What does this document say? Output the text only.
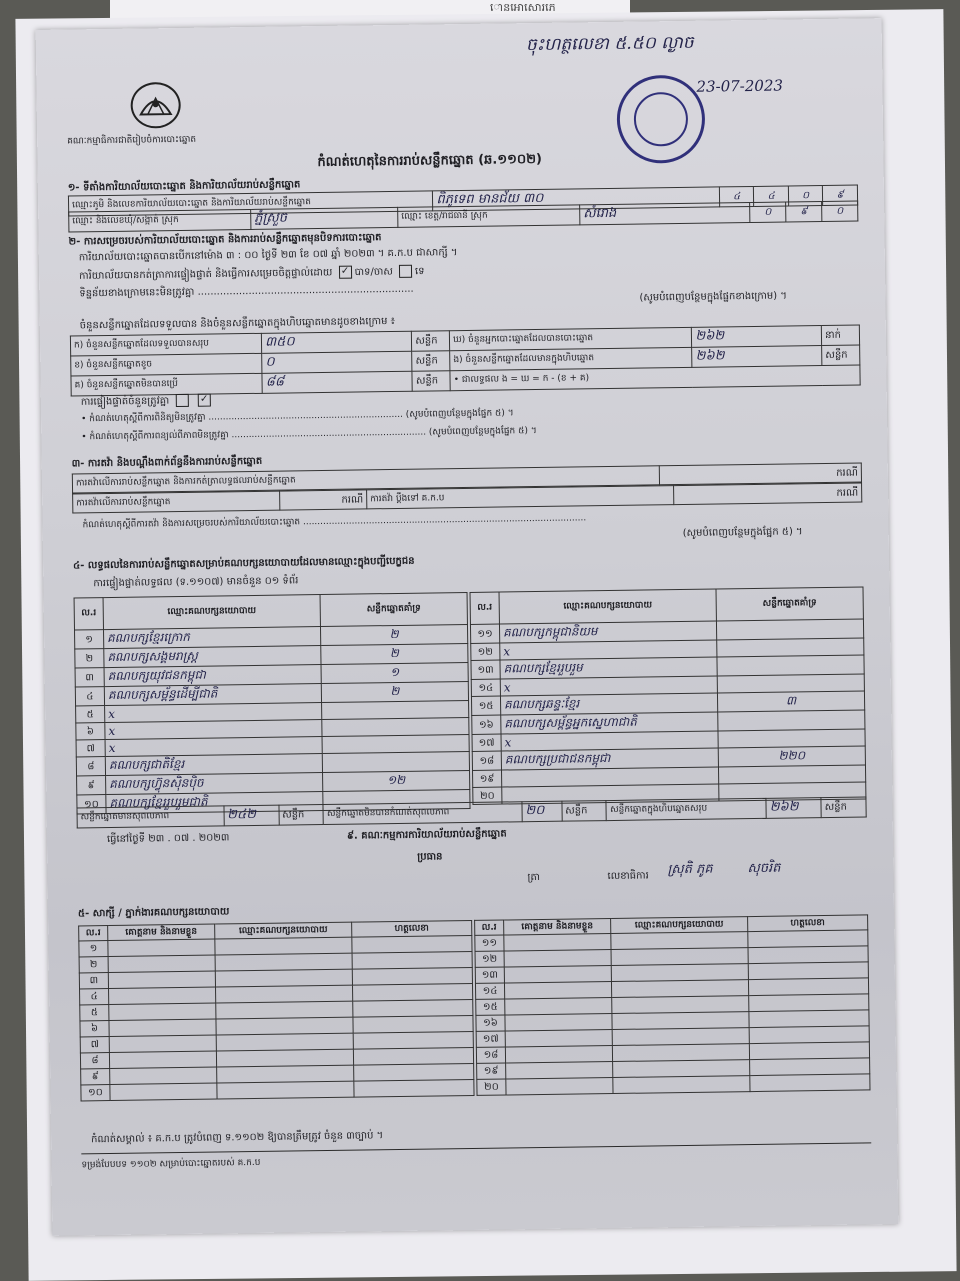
ោនអោសោរភេ
គណៈកម្មាធិការជាតិរៀបចំការបោះឆ្នោត
ចុះហត្ថលេខា ៥.៥០ ល្ងាច
23-07-2023
កំណត់ហេតុនៃការរាប់សន្លឹកឆ្នោត (ឆ.១១០២)
១- ទីតាំងការិយាល័យបោះឆ្នោត និងការិយាល័យរាប់សន្លឹកឆ្នោត
ឈ្មោះភូមិ និងលេខការិយាល័យបោះឆ្នោត និងការិយាល័យរាប់សន្លឹកឆ្នោត	ពិភូទេព មានជ័យ ៣០	៤	៤	០	៩
ឈ្មោះ និងលេខឃុំ/សង្កាត់ ស្រុក	ភ្នំស្រួច	ឈ្មោះ ខេត្ត/រាជធានី ស្រុក	សំរោង	០	៩	០
២- ការសម្រេចរបស់ការិយាល័យបោះឆ្នោត និងការរាប់សន្លឹកឆ្នោតមុនបិទការបោះឆ្នោត
ការិយាល័យបោះឆ្នោតបានបើកនៅម៉ោង ៣ : ០០ ថ្ងៃទី ២៣ ខែ ០៧ ឆ្នាំ ២០២៣ ។ គ.ក.ប ជាសាក្សី ។
ការិយាល័យបានកត់ត្រាការផ្ទៀងផ្ទាត់ និងធ្វើការសម្រេចចិត្តផ្ទាល់ដោយ ✓ បាទ/ចាស ទេ
ទិន្នន័យខាងក្រោមនេះមិនត្រូវគ្នា ....................................................................	(សូមបំពេញបន្ថែមក្នុងផ្នែកខាងក្រោម) ។
ចំនួនសន្លឹកឆ្នោតដែលទទួលបាន និងចំនួនសន្លឹកឆ្នោតក្នុងហិបឆ្នោតមានដូចខាងក្រោម ៖
ក) ចំនួនសន្លឹកឆ្នោតដែលទទួលបានសរុប	៣៥០	សន្លឹក	ឃ) ចំនួនអ្នកបោះឆ្នោតដែលបានបោះឆ្នោត	២៦២	នាក់
ខ) ចំនួនសន្លឹកឆ្នោតខូច	០	សន្លឹក	ង) ចំនួនសន្លឹកឆ្នោតដែលមានក្នុងហិបឆ្នោត	២៦២	សន្លឹក
គ) ចំនួនសន្លឹកឆ្នោតមិនបានប្រើ	៨៨	សន្លឹក	• ជាលទ្ធផល ង = ឃ = ក - (ខ + គ)		
ការផ្ទៀងផ្ទាត់ចំនួនត្រូវគ្នា	✓
• កំណត់ហេតុស្ដីពីការពិនិត្យមិនត្រូវគ្នា .................................................................... (សូមបំពេញបន្ថែមក្នុងផ្នែក ៥) ។
• កំណត់ហេតុស្ដីពីការពន្យល់ពីភាពមិនត្រូវគ្នា .................................................................... (សូមបំពេញបន្ថែមក្នុងផ្នែក ៥) ។
៣- ការតវ៉ា និងបណ្ដឹងពាក់ព័ន្ធនឹងការរាប់សន្លឹកឆ្នោត
ការតវ៉ាលើការរាប់សន្លឹកឆ្នោត និងការកត់ត្រាលទ្ធផលរាប់សន្លឹកឆ្នោត	ករណី
ការតវ៉ាលើការរាប់សន្លឹកឆ្នោត	ករណី	ការតវ៉ា ប្តឹងទៅ គ.ក.ប	ករណី
កំណត់ហេតុស្ដីពីការតវ៉ា និងការសម្រេចរបស់ការិយាល័យបោះឆ្នោត ...................................................................................................
(សូមបំពេញបន្ថែមក្នុងផ្នែក ៥) ។
៤- លទ្ធផលនៃការរាប់សន្លឹកឆ្នោតសម្រាប់គណបក្សនយោបាយដែលមានឈ្មោះក្នុងបញ្ជីបេក្ខជន
ការផ្ទៀងផ្ទាត់លទ្ធផល (ទ.១១០៧) មានចំនួន ០១ ទំព័រ
ល.រ	ឈ្មោះគណបក្សនយោបាយ	សន្លឹកឆ្នោតគាំទ្រ
១	គណបក្សខ្មែរក្រោក	២
២	គណបក្សសង្គមរាស្ត្រ	២
៣	គណបក្សយុវជនកម្ពុជា	១
៤	គណបក្សសម្ព័ន្ធដើម្បីជាតិ	២
៥	x	
៦	x	
៧	x	
៨	គណបក្សជាតិខ្មែរ	
៩	គណបក្សហ៊្វុនស៊ិនប៉ិច	១២
១០	គណបក្សខ្មែររួបរួមជាតិ	
ល.រ	ឈ្មោះគណបក្សនយោបាយ	សន្លឹកឆ្នោតគាំទ្រ
១១	គណបក្សកម្ពុជានិយម	
១២	x	
១៣	គណបក្សខ្មែររួបរួម	
១៤	x	
១៥	គណបក្សឆន្ទៈខ្មែរ	៣
១៦	គណបក្សសម្ព័ន្ធអ្នកស្នេហាជាតិ	
១៧	x	
១៨	គណបក្សប្រជាជនកម្ពុជា	២២០
១៩		
២០		
សន្លឹកឆ្នោតមានសុពលភាព	២៤២	សន្លឹក	សន្លឹកឆ្នោតមិនបានកំណត់សុពលភាព	២០	សន្លឹក	សន្លឹកឆ្នោតក្នុងហិបឆ្នោតសរុប	២៦២	សន្លឹក
ធ្វើនៅថ្ងៃទី ២៣ . ០៧ . ២០២៣	៩. គណៈកម្មការការិយាល័យរាប់សន្លឹកឆ្នោត
ប្រធាន
ត្រា	លេខាធិការ ស្រុតិ ភូគ	សុចរិត
៥- សាក្សី / ភ្នាក់ងារគណបក្សនយោបាយ
ល.រ	គោត្តនាម និងនាមខ្លួន	ឈ្មោះគណបក្សនយោបាយ	ហត្ថលេខា
១			
២			
៣			
៤			
៥			
៦			
៧			
៨			
៩			
១០			
ល.រ	គោត្តនាម និងនាមខ្លួន	ឈ្មោះគណបក្សនយោបាយ	ហត្ថលេខា
១១			
១២			
១៣			
១៤			
១៥			
១៦			
១៧			
១៨			
១៩			
២០			
កំណត់សម្គាល់ ៖ គ.ក.ប ត្រូវបំពេញ ទ.១១០២ ឱ្យបានត្រឹមត្រូវ ចំនួន ៣ច្បាប់ ។
ទម្រង់បែបបទ ១១០២ សម្រាប់បោះឆ្នោតរបស់ គ.ក.ប
